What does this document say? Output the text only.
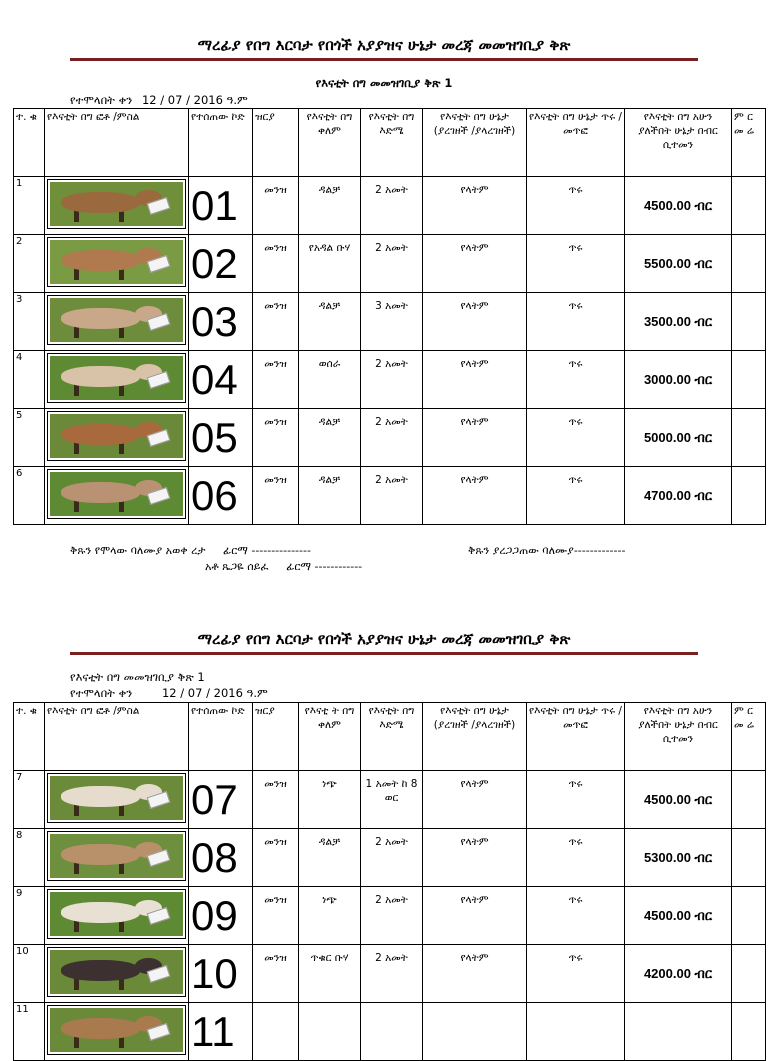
ማረፊያ የበግ እርባታ የበጎች አያያዝና ሁኔታ መረጃ መመዝገቢያ ቅጽ
የእናቲት በግ መመዝገቢያ ቅጽ 1
የተሞላበት ቀን 12 / 07 / 2016 ዓ.ም
ተ. ቁ	የእናቲት በግ ፎቶ /ምስል	የተሰጠው ኮድ	ዝርያ	የእናቲት በግ ቀለም	የእናቲት በግ እድሜ	የእናቲት በግ ሁኔታ (ያረገዘች /ያላረገዘች)	የእናቲት በግ ሁኔታ ጥሩ /መጥፎ	የእናቲት በግ አሁን ያለችበት ሁኔታ በብር ሲተመን	ም ር መ ሬ
1		01	መንዝ	ዳልቻ	2 አመት	የላትም	ጥሩ	4500.00 ብር	
2		02	መንዝ	የአዳል ቡሃ	2 አመት	የላትም	ጥሩ	5500.00 ብር	
3		03	መንዝ	ዳልቻ	3 አመት	የላትም	ጥሩ	3500.00 ብር	
4		04	መንዝ	ወሰራ	2 አመት	የላትም	ጥሩ	3000.00 ብር	
5		05	መንዝ	ዳልቻ	2 አመት	የላትም	ጥሩ	5000.00 ብር	
6		06	መንዝ	ዳልቻ	2 አመት	የላትም	ጥሩ	4700.00 ብር	
ቅጹን የሞላው ባለሙያ አወቀ ረታ ፊርማ ---------------	ቅጹን ያረጋጋጠው ባለሙያ-------------
አቶ ጼጋዬ ሰይፈ ፊርማ ------------
ማረፊያ የበግ እርባታ የበጎች አያያዝና ሁኔታ መረጃ መመዝገቢያ ቅጽ
የእናቲት በግ መመዝገቢያ ቅጽ 1
የተሞላበት ቀን	12 / 07 / 2016 ዓ.ም
ተ. ቁ	የእናቲት በግ ፎቶ /ምስል	የተሰጠው ኮድ	ዝርያ	የእናቲ ት በግ ቀለም	የእናቲት በግ እድሜ	የእናቲት በግ ሁኔታ (ያረገዘች /ያላረገዘች)	የእናቲት በግ ሁኔታ ጥሩ /መጥፎ	የእናቲት በግ አሁን ያለችበት ሁኔታ በብር ሲተመን	ም ር መ ሬ
7		07	መንዝ	ነጭ	1 አመት ከ 8 ወር	የላትም	ጥሩ	4500.00 ብር	
8		08	መንዝ	ዳልቻ	2 አመት	የላትም	ጥሩ	5300.00 ብር	
9		09	መንዝ	ነጭ	2 አመት	የላትም	ጥሩ	4500.00 ብር	
10		10	መንዝ	ጥቁር ቡሃ	2 አመት	የላትም	ጥሩ	4200.00 ብር	
11		11							
